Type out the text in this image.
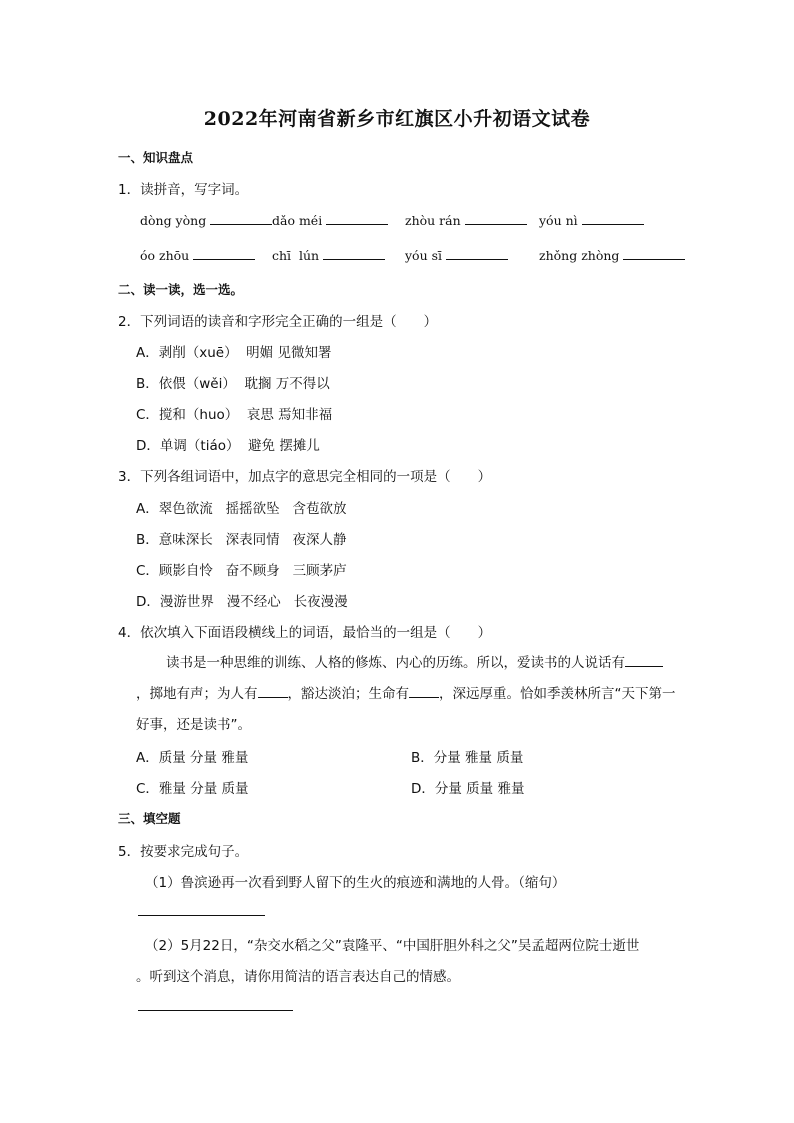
2022年河南省新乡市红旗区小升初语文试卷
一、知识盘点
1．读拼音，写字词。
dòng yòng	dǎo méi	zhòu rán	yóu nì
óo zhōu	chī  lún	yóu sī	zhǒng zhòng
二、读一读，选一选。
2．下列词语的读音和字形完全正确的一组是（　　）
A．剥削（xuē）  明媚 见微知署
B．依偎（wěi）  耽搁 万不得以
C．搅和（huo）  哀思 焉知非福
D．单调（tiáo）  避免 摆摊儿
3．下列各组词语中，加点字的意思完全相同的一项是（　　）
A．翠色欲流   摇摇欲坠   含苞欲放
B．意味深长   深表同情   夜深人静
C．顾影自怜   奋不顾身   三顾茅庐
D．漫游世界   漫不经心   长夜漫漫
4．依次填入下面语段横线上的词语，最恰当的一组是（　　）
读书是一种思维的训练、人格的修炼、内心的历练。所以，爱读书的人说话有，掷地有声；为人有 ，豁达淡泊；生命有 ，深远厚重。恰如季羡林所言“天下第一好事，还是读书”。
A．质量 分量 雅量	B．分量 雅量 质量
C．雅量 分量 质量	D．分量 质量 雅量
三、填空题
5．按要求完成句子。
（1）鲁滨逊再一次看到野人留下的生火的痕迹和满地的人骨。（缩句）
（2）5月22日，“杂交水稻之父”袁隆平、“中国肝胆外科之父”吴孟超两位院士逝世
。听到这个消息，请你用简洁的语言表达自己的情感。
